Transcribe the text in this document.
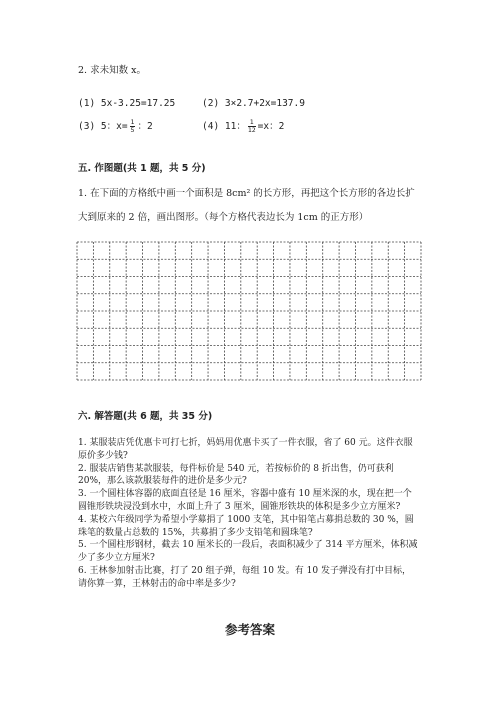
2. 求未知数 x。
(1) 5x-3.25=17.25	(2) 3×2.7+2x=137.9
(3) 5：$x= \frac{1}{5}$ ：2	(4) 11： $\frac{1}{12} =x$：2
五. 作图题(共 1 题，共 5 分)
1. 在下面的方格纸中画一个面积是 8cm² 的长方形，再把这个长方形的各边长扩
大到原来的 2 倍，画出图形。（每个方格代表边长为 1cm 的正方形）
六. 解答题(共 6 题，共 35 分)
1. 某服装店凭优惠卡可打七折，妈妈用优惠卡买了一件衣服，省了 60 元。这件衣服原价多少钱?
2. 服装店销售某款服装，每件标价是 540 元，若按标价的 8 折出售，仍可获利 20%，那么该款服装每件的进价是多少元?
3. 一个圆柱体容器的底面直径是 16 厘米，容器中盛有 10 厘米深的水，现在把一个圆锥形铁块浸没到水中，水面上升了 3 厘米，圆锥形铁块的体积是多少立方厘米?
4. 某校六年级同学为希望小学募捐了 1000 支笔，其中铅笔占募捐总数的 30 %，圆珠笔的数量占总数的 15%，共募捐了多少支铅笔和圆珠笔?
5. 一个圆柱形钢材，截去 10 厘米长的一段后，表面积减少了 314 平方厘米，体积减少了多少立方厘米?
6. 王林参加射击比赛，打了 20 组子弹，每组 10 发。有 10 发子弹没有打中目标，请你算一算，王林射击的命中率是多少?
参考答案
